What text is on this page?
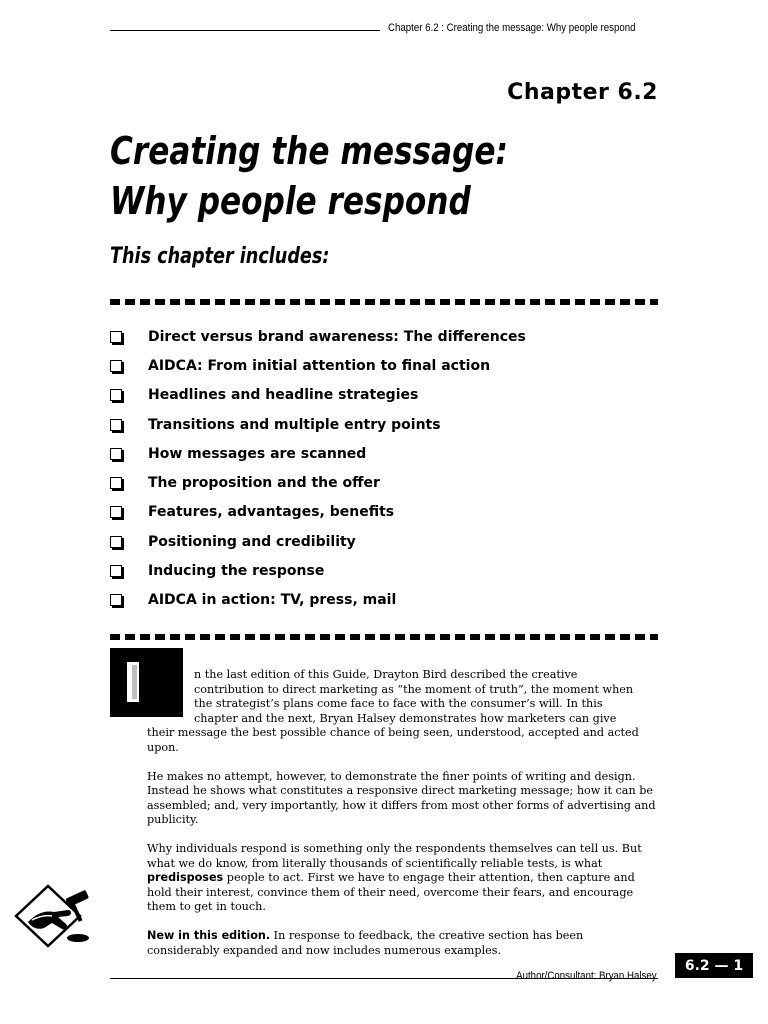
Chapter 6.2 : Creating the message: Why people respond
Chapter 6.2
Creating the message: Why people respond
This chapter includes:
Direct versus brand awareness: The differences
AIDCA: From initial attention to final action
Headlines and headline strategies
Transitions and multiple entry points
How messages are scanned
The proposition and the offer
Features, advantages, benefits
Positioning and credibility
Inducing the response
AIDCA in action: TV, press, mail

n the last edition of this Guide, Drayton Bird described the creative
contribution to direct marketing as “the moment of truth”, the moment when
the strategist’s plans come face to face with the consumer’s will. In this
chapter and the next, Bryan Halsey demonstrates how marketers can give
their message the best possible chance of being seen, understood, accepted and acted upon.

He makes no attempt, however, to demonstrate the finer points of writing and design. Instead he shows what constitutes a responsive direct marketing message; how it can be assembled; and, very importantly, how it differs from most other forms of advertising and publicity.

Why individuals respond is something only the respondents themselves can tell us. But what we do know, from literally thousands of scientifically reliable tests, is what predisposes people to act. First we have to engage their attention, then capture and hold their interest, convince them of their need, overcome their fears, and encourage them to get in touch.

New in this edition. In response to feedback, the creative section has been considerably expanded and now includes numerous examples.

Author/Consultant: Bryan Halsey
6.2 — 1
